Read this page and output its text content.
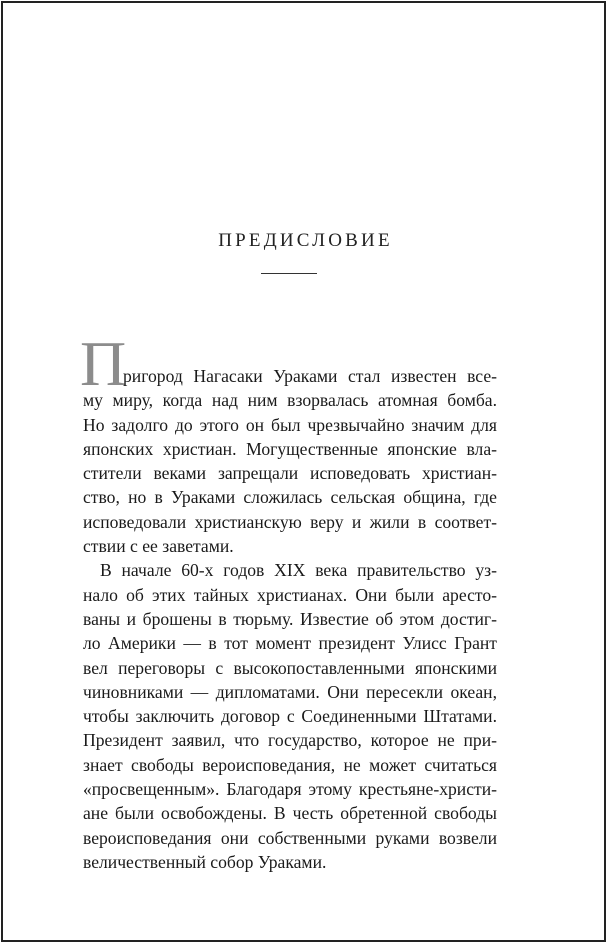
ПРЕДИСЛОВИЕ
П
ригород Нагасаки Ураками стал известен все-
му миру, когда над ним взорвалась атомная бомба.
Но задолго до этого он был чрезвычайно значим для
японских христиан. Могущественные японские вла-
стители веками запрещали исповедовать христиан-
ство, но в Ураками сложилась сельская община, где
исповедовали христианскую веру и жили в соответ-
ствии с ее заветами.
В начале 60-х годов XIX века правительство уз-
нало об этих тайных христианах. Они были аресто-
ваны и брошены в тюрьму. Известие об этом достиг-
ло Америки — в тот момент президент Улисс Грант
вел переговоры с высокопоставленными японскими
чиновниками — дипломатами. Они пересекли океан,
чтобы заключить договор с Соединенными Штатами.
Президент заявил, что государство, которое не при-
знает свободы вероисповедания, не может считаться
«просвещенным». Благодаря этому крестьяне-христи-
ане были освобождены. В честь обретенной свободы
вероисповедания они собственными руками возвели
величественный собор Ураками.
